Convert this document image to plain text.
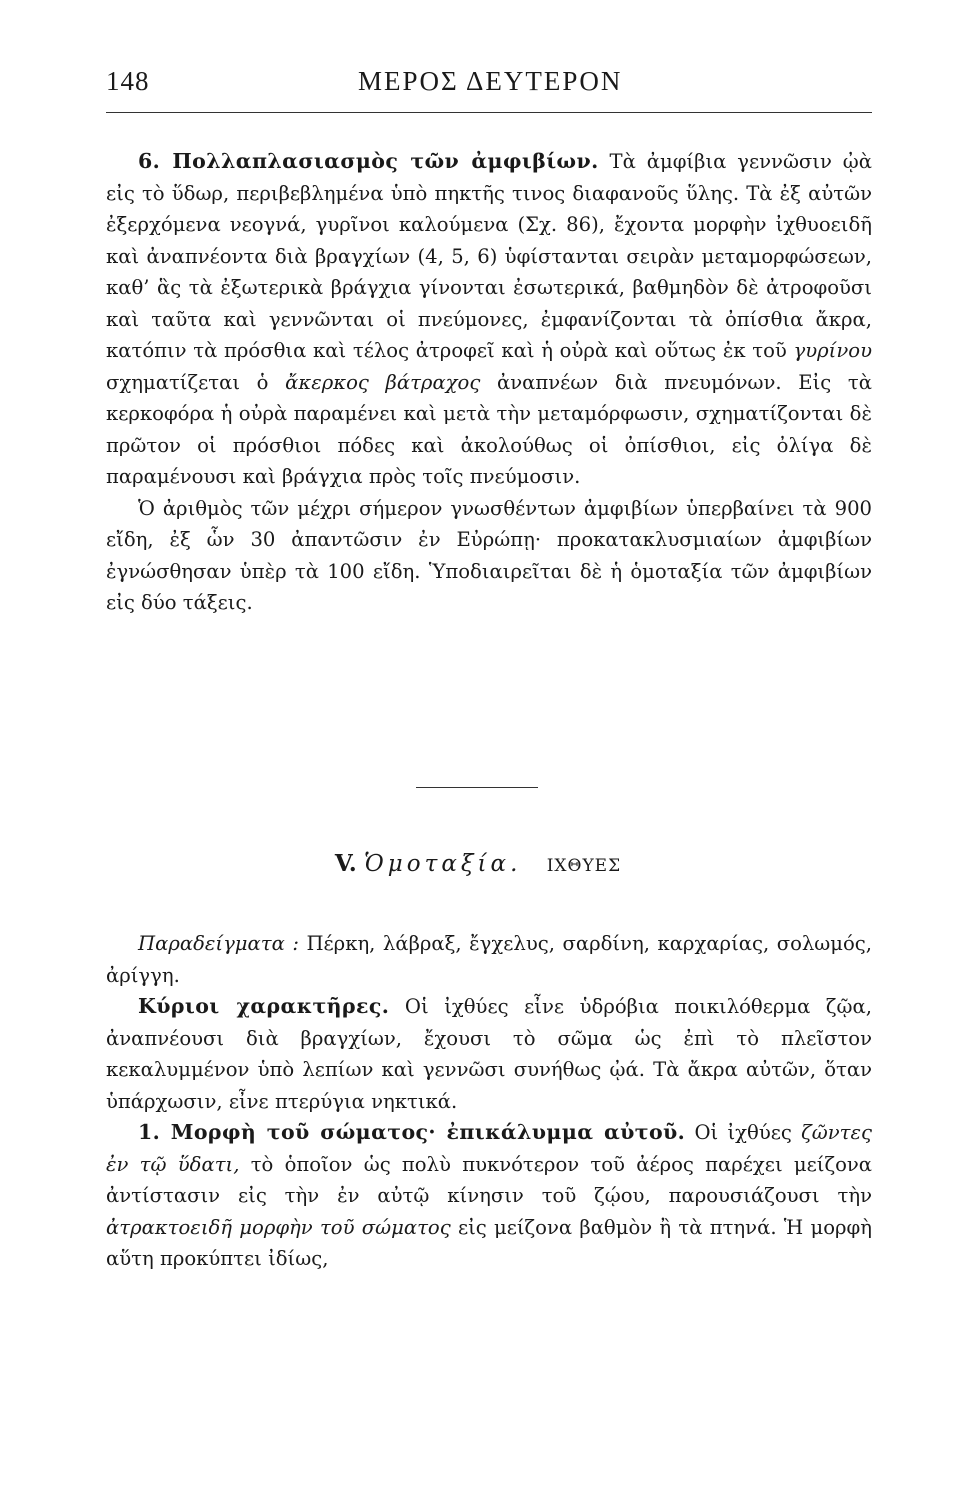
148	ΜΕΡΟΣ ΔΕΥΤΕΡΟΝ

6. Πολλαπλασιασμὸς τῶν ἀμφιβίων. Τὰ ἀμφίβια γεννῶσιν ᾠὰ εἰς τὸ ὕδωρ, περιβεβλημένα ὑπὸ πηκτῆς τινος διαφανοῦς ὕλης. Τὰ ἐξ αὐτῶν ἐξερχόμενα νεογνά, γυρῖνοι καλούμενα (Σχ. 86), ἔχοντα μορφὴν ἰχθυοειδῆ καὶ ἀναπνέοντα διὰ βραγχίων (4, 5, 6) ὑφίστανται σειρὰν μεταμορφώσεων, καθ’ ἃς τὰ ἐξωτερικὰ βράγχια γίνονται ἐσωτερικά, βαθμηδὸν δὲ ἀτροφοῦσι καὶ ταῦτα καὶ γεννῶνται οἱ πνεύμονες, ἐμφανίζονται τὰ ὀπίσθια ἄκρα, κατόπιν τὰ πρόσθια καὶ τέλος ἀτροφεῖ καὶ ἡ οὐρὰ καὶ οὕτως ἐκ τοῦ γυρίνου σχηματίζεται ὁ ἄκερκος βάτραχος ἀναπνέων διὰ πνευμόνων. Εἰς τὰ κερκοφόρα ἡ οὐρὰ παραμένει καὶ μετὰ τὴν μεταμόρφωσιν, σχηματίζονται δὲ πρῶτον οἱ πρόσθιοι πόδες καὶ ἀκολούθως οἱ ὀπίσθιοι, εἰς ὀλίγα δὲ παραμένουσι καὶ βράγχια πρὸς τοῖς πνεύμοσιν.

Ὁ ἀριθμὸς τῶν μέχρι σήμερον γνωσθέντων ἀμφιβίων ὑπερβαίνει τὰ 900 εἴδη, ἐξ ὧν 30 ἀπαντῶσιν ἐν Εὐρώπῃ· προκατακλυσμιαίων ἀμφιβίων ἐγνώσθησαν ὑπὲρ τὰ 100 εἴδη. Ὑποδιαιρεῖται δὲ ἡ ὁμοταξία τῶν ἀμφιβίων εἰς δύο τάξεις.

V. Ὁμοταξία. ΙΧΘΥΕΣ

Παραδείγματα : Πέρκη, λάβραξ, ἔγχελυς, σαρδίνη, καρχαρίας, σολωμός, ἀρίγγη.

Κύριοι χαρακτῆρες. Οἱ ἰχθύες εἶνε ὑδρόβια ποικιλόθερμα ζῷα, ἀναπνέουσι διὰ βραγχίων, ἔχουσι τὸ σῶμα ὡς ἐπὶ τὸ πλεῖστον κεκαλυμμένον ὑπὸ λεπίων καὶ γεννῶσι συνήθως ᾠά. Τὰ ἄκρα αὐτῶν, ὅταν ὑπάρχωσιν, εἶνε πτερύγια νηκτικά.

1. Μορφὴ τοῦ σώματος· ἐπικάλυμμα αὐτοῦ. Οἱ ἰχθύες ζῶντες ἐν τῷ ὕδατι, τὸ ὁποῖον ὡς πολὺ πυκνότερον τοῦ ἀέρος παρέχει μείζονα ἀντίστασιν εἰς τὴν ἐν αὐτῷ κίνησιν τοῦ ζῴου, παρουσιάζουσι τὴν ἀτρακτοειδῆ μορφὴν τοῦ σώματος εἰς μείζονα βαθμὸν ἢ τὰ πτηνά. Ἡ μορφὴ αὕτη προκύπτει ἰδίως,
